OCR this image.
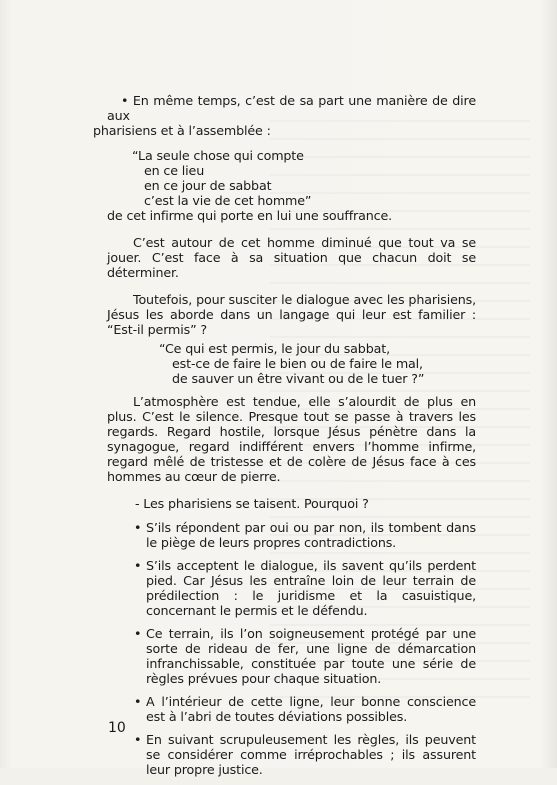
• En même temps, c’est de sa part une manière de dire aux
pharisiens et à l’assemblée :

“La seule chose qui compte
en ce lieu
en ce jour de sabbat
c’est la vie de cet homme”

de cet infirme qui porte en lui une souffrance.

C’est autour de cet homme diminué que tout va se jouer. C’est face à sa situation que chacun doit se déterminer.

Toutefois, pour susciter le dialogue avec les pharisiens, Jésus les aborde dans un langage qui leur est familier : “Est-il permis” ?

“Ce qui est permis, le jour du sabbat,
est-ce de faire le bien ou de faire le mal,
de sauver un être vivant ou de le tuer ?”

L’atmosphère est tendue, elle s’alourdit de plus en plus. C’est le silence. Presque tout se passe à travers les regards. Regard hostile, lorsque Jésus pénètre dans la synagogue, regard indifférent envers l’homme infirme, regard mêlé de tristesse et de colère de Jésus face à ces hommes au cœur de pierre.

- Les pharisiens se taisent. Pourquoi ?

• S’ils répondent par oui ou par non, ils tombent dans le piège de leurs propres contradictions.
• S’ils acceptent le dialogue, ils savent qu’ils perdent pied. Car Jésus les entraîne loin de leur terrain de prédilection : le juridisme et la casuistique, concernant le permis et le défendu.
• Ce terrain, ils l’on soigneusement protégé par une sorte de rideau de fer, une ligne de démarcation infranchissable, constituée par toute une série de règles prévues pour chaque situation.
• A l’intérieur de cette ligne, leur bonne conscience est à l’abri de toutes déviations possibles.
• En suivant scrupuleusement les règles, ils peuvent se considérer comme irréprochables ; ils assurent leur propre justice.
10
